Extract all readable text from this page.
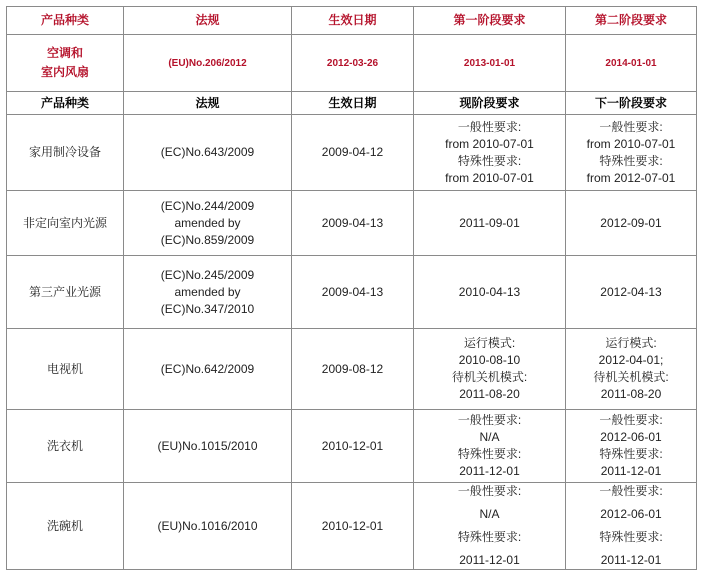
产品种类	法规	生效日期	第一阶段要求	第二阶段要求

空调和
室内风扇	(EU)No.206/2012	2012-03-26	2013-01-01	2014-01-01
产品种类	法规	生效日期	现阶段要求	下一阶段要求
家用制冷设备	(EC)No.643/2009	2009-04-12	一般性要求:
from 2010-07-01
特殊性要求:
from 2010-07-01	一般性要求:
from 2010-07-01
特殊性要求:
from 2012-07-01

非定向室内光源	(EC)No.244/2009
amended by
(EC)No.859/2009	2009-04-13	2011-09-01	2012-09-01

第三产业光源	(EC)No.245/2009
amended by
(EC)No.347/2010	2009-04-13	2010-04-13	2012-04-13

电视机	(EC)No.642/2009	2009-08-12	运行模式:
2010-08-10
待机关机模式:
2011-08-20	运行模式:
2012-04-01;
待机关机模式:
2011-08-20

洗衣机	(EU)No.1015/2010	2010-12-01	一般性要求:
N/A
特殊性要求:
2011-12-01	一般性要求:
2012-06-01
特殊性要求:
2011-12-01

洗碗机	(EU)No.1016/2010	2010-12-01	一般性要求:
N/A
特殊性要求:
2011-12-01	一般性要求:
2012-06-01
特殊性要求:
2011-12-01
